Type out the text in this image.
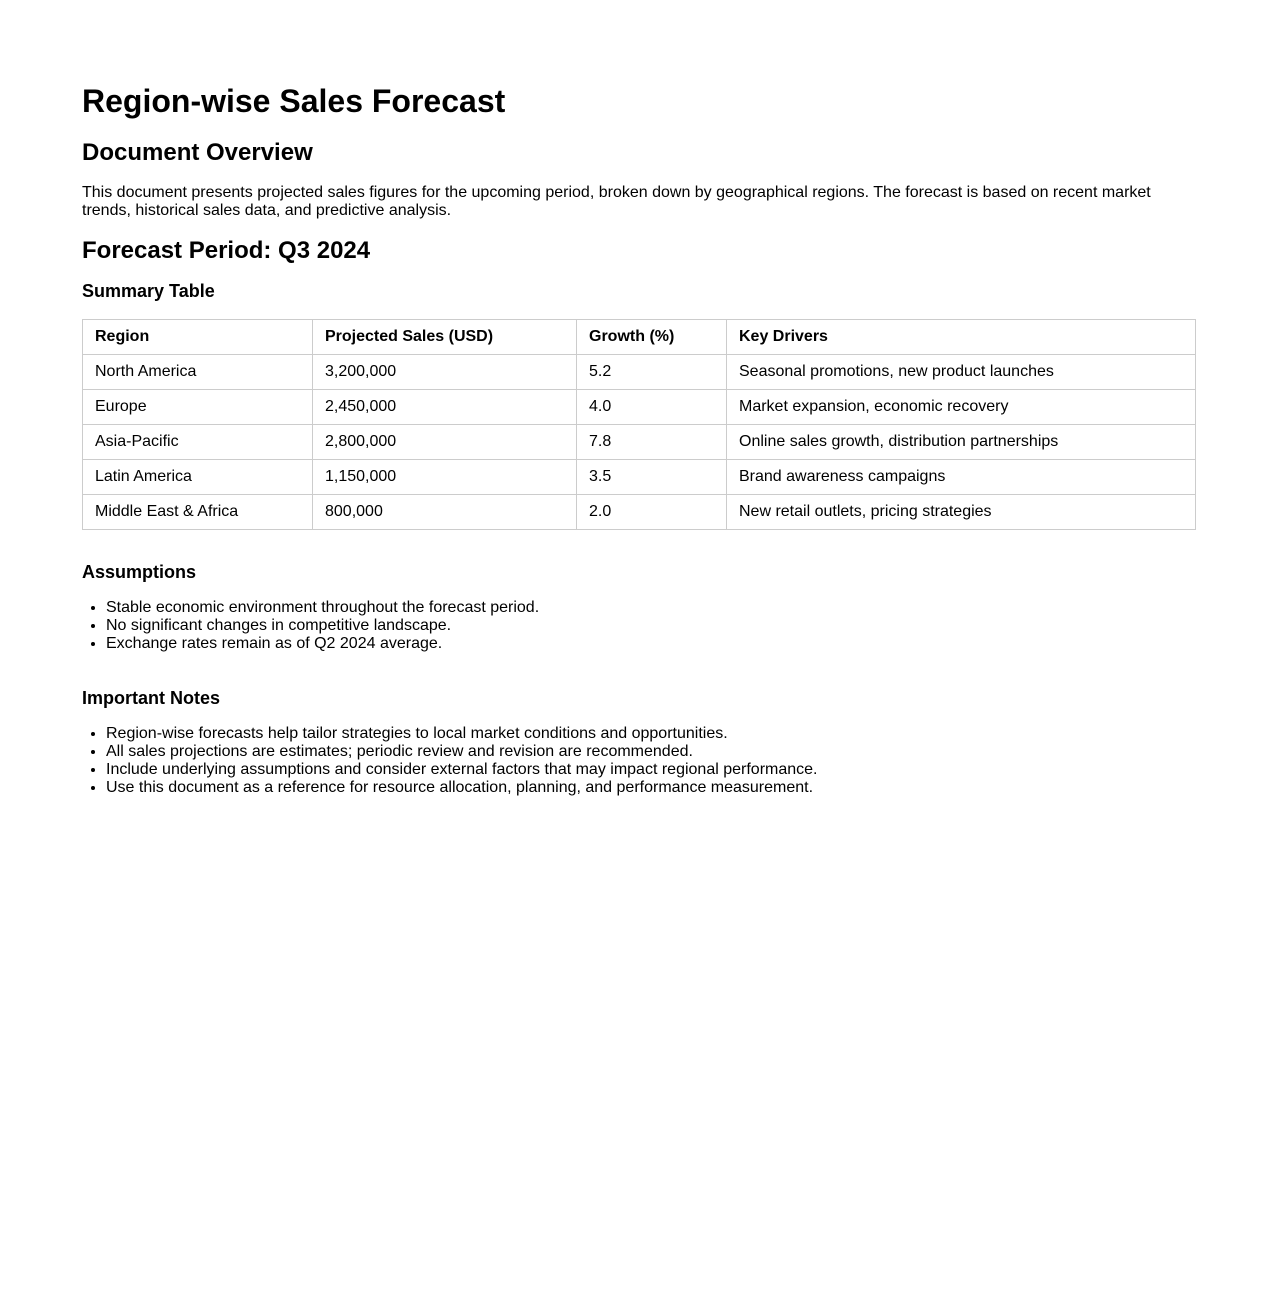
Region-wise Sales Forecast
Document Overview

This document presents projected sales figures for the upcoming period, broken down by geographical regions. The forecast is based on recent market trends, historical sales data, and predictive analysis.

Forecast Period: Q3 2024
Summary Table
Region	Projected Sales (USD)	Growth (%)	Key Drivers
North America	3,200,000	5.2	Seasonal promotions, new product launches
Europe	2,450,000	4.0	Market expansion, economic recovery
Asia-Pacific	2,800,000	7.8	Online sales growth, distribution partnerships
Latin America	1,150,000	3.5	Brand awareness campaigns
Middle East & Africa	800,000	2.0	New retail outlets, pricing strategies
Assumptions
• Stable economic environment throughout the forecast period.
• No significant changes in competitive landscape.
• Exchange rates remain as of Q2 2024 average.
Important Notes
• Region-wise forecasts help tailor strategies to local market conditions and opportunities.
• All sales projections are estimates; periodic review and revision are recommended.
• Include underlying assumptions and consider external factors that may impact regional performance.
• Use this document as a reference for resource allocation, planning, and performance measurement.
